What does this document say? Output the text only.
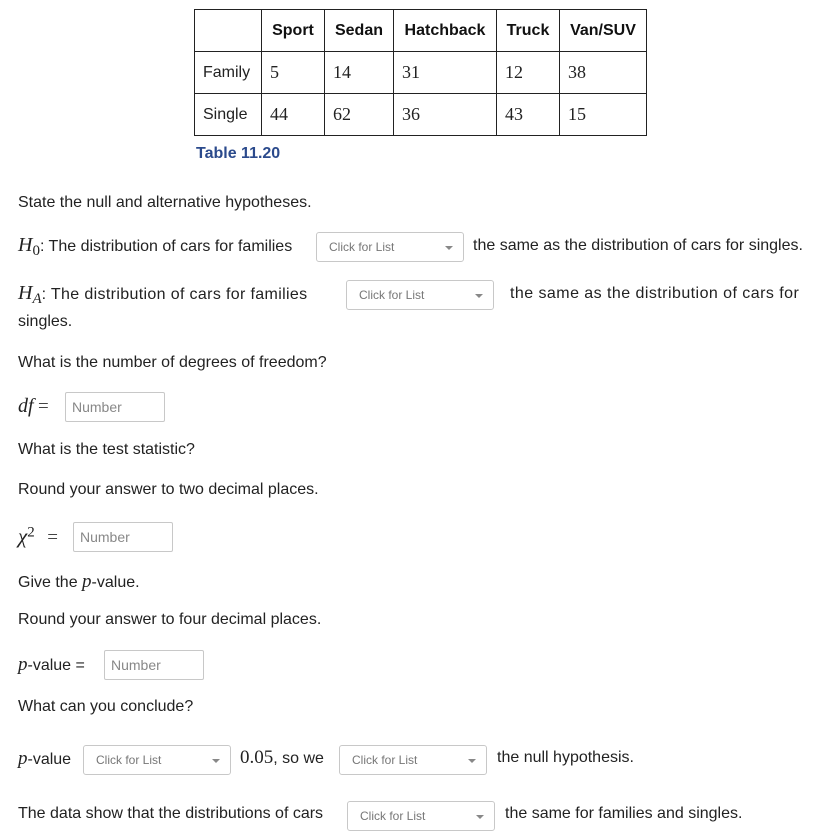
	Sport	Sedan	Hatchback	Truck	Van/SUV
Family	5	14	31	12	38
Single	44	62	36	43	15
Table 11.20
State the null and alternative hypotheses.
$H_0$: The distribution of cars for families	Click for List	the same as the distribution of cars for singles.
$H_A$: The distribution of cars for families	Click for List	the same as the distribution of cars for
singles.
What is the number of degrees of freedom?
df =	Number
What is the test statistic?
Round your answer to two decimal places.
$\chi^2$ =	Number
Give the p-value.
Round your answer to four decimal places.
p-value =	Number
What can you conclude?
p-value	Click for List	0.05, so we	Click for List	the null hypothesis.
The data show that the distributions of cars	Click for List	the same for families and singles.
